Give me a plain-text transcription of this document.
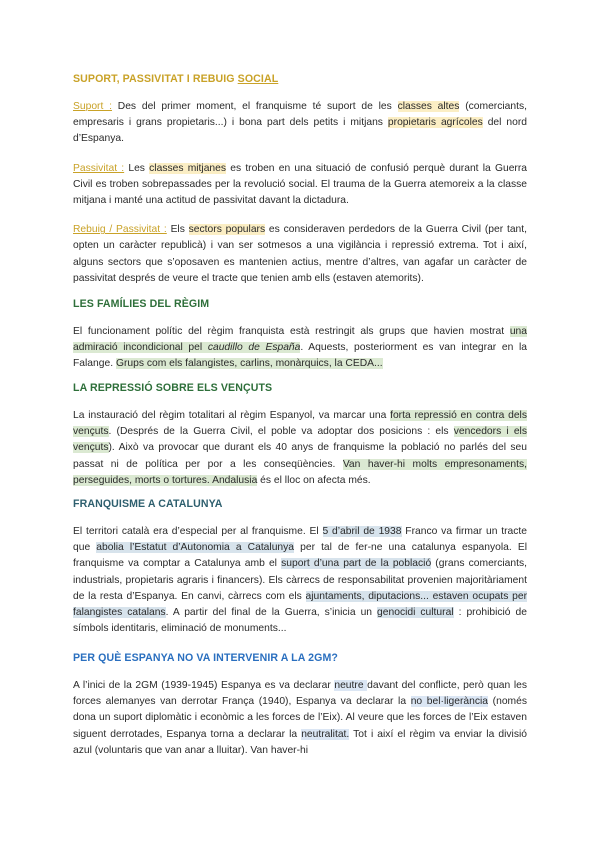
SUPORT, PASSIVITAT I REBUIG SOCIAL

Suport : Des del primer moment, el franquisme té suport de les classes altes (comerciants, empresaris i grans propietaris...) i bona part dels petits i mitjans propietaris agrícoles del nord d’Espanya.

Passivitat : Les classes mitjanes es troben en una situació de confusió perquè durant la Guerra Civil es troben sobrepassades per la revolució social. El trauma de la Guerra atemoreix a la classe mitjana i manté una actitud de passivitat davant la dictadura.

Rebuig / Passivitat : Els sectors populars es consideraven perdedors de la Guerra Civil (per tant, opten un caràcter republicà) i van ser sotmesos a una vigilància i repressió extrema. Tot i així, alguns sectors que s’oposaven es mantenien actius, mentre d’altres, van agafar un caràcter de passivitat després de veure el tracte que tenien amb ells (estaven atemorits).

LES FAMÍLIES DEL RÈGIM

El funcionament polític del règim franquista està restringit als grups que havien mostrat una admiració incondicional pel caudillo de España. Aquests, posteriorment es van integrar en la Falange. Grups com els falangistes, carlins, monàrquics, la CEDA...

LA REPRESSIÓ SOBRE ELS VENÇUTS

La instauració del règim totalitari al règim Espanyol, va marcar una forta repressió en contra dels vençuts. (Després de la Guerra Civil, el poble va adoptar dos posicions : els vencedors i els vençuts). Això va provocar que durant els 40 anys de franquisme la població no parlés del seu passat ni de política per por a les conseqüències. Van haver-hi molts empresonaments, perseguides, morts o tortures. Andalusia és el lloc on afecta més.

FRANQUISME A CATALUNYA

El territori català era d’especial per al franquisme. El 5 d’abril de 1938 Franco va firmar un tracte que abolia l’Estatut d’Autonomia a Catalunya per tal de fer-ne una catalunya espanyola. El franquisme va comptar a Catalunya amb el suport d’una part de la població (grans comerciants, industrials, propietaris agraris i financers). Els càrrecs de responsabilitat provenien majoritàriament de la resta d’Espanya. En canvi, càrrecs com els ajuntaments, diputacions... estaven ocupats per falangistes catalans. A partir del final de la Guerra, s’inicia un genocidi cultural : prohibició de símbols identitaris, eliminació de monuments...

PER QUÈ ESPANYA NO VA INTERVENIR A LA 2GM?

A l’inici de la 2GM (1939-1945) Espanya es va declarar neutre davant del conflicte, però quan les forces alemanyes van derrotar França (1940), Espanya va declarar la no bel·ligerància (només dona un suport diplomàtic i econòmic a les forces de l’Eix). Al veure que les forces de l’Eix estaven siguent derrotades, Espanya torna a declarar la neutralitat. Tot i així el règim va enviar la divisió azul (voluntaris que van anar a lluitar). Van haver-hi
